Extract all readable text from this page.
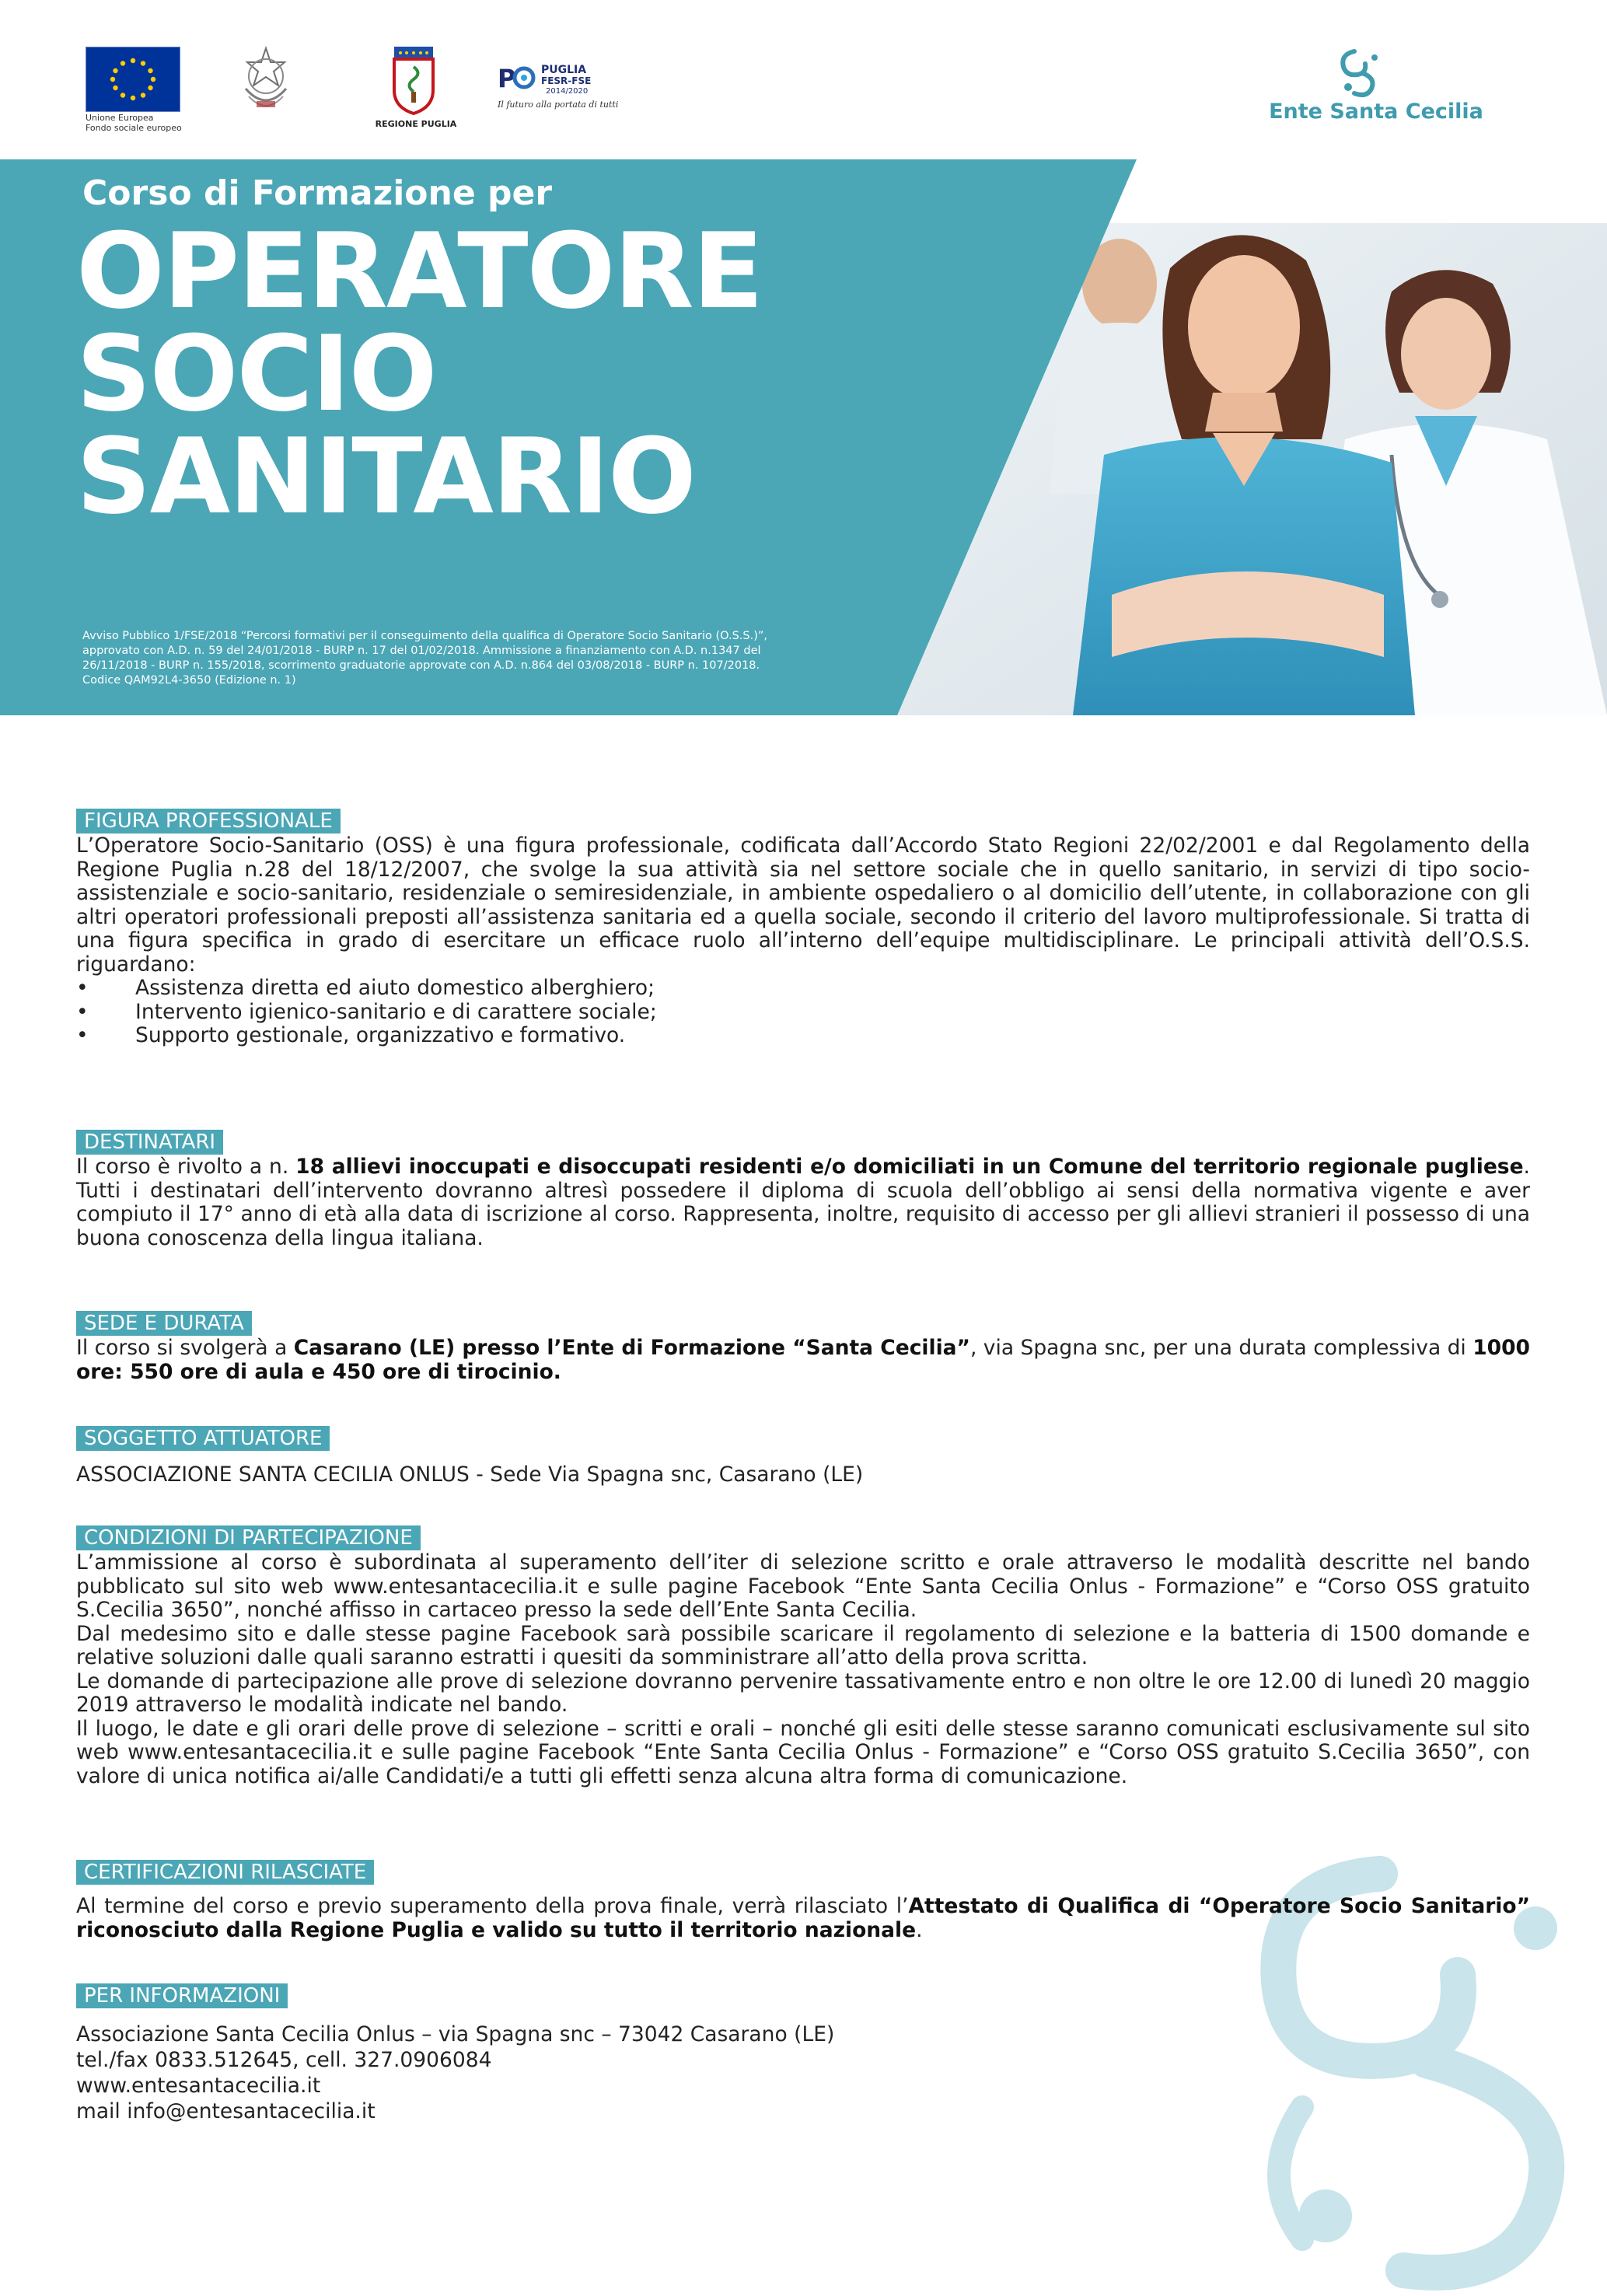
Unione Europea
Fondo sociale europeo	REGIONE PUGLIA
P PUGLIA
FESR-FSE
2014/2020
Il futuro alla portata di tutti	Ente Santa Cecilia
Corso di Formazione per
OPERATORE
SOCIO
SANITARIO
Avviso Pubblico 1/FSE/2018 “Percorsi formativi per il conseguimento della qualifica di Operatore Socio Sanitario (O.S.S.)”,
approvato con A.D. n. 59 del 24/01/2018 - BURP n. 17 del 01/02/2018. Ammissione a finanziamento con A.D. n.1347 del
26/11/2018 - BURP n. 155/2018, scorrimento graduatorie approvate con A.D. n.864 del 03/08/2018 - BURP n. 107/2018.
Codice QAM92L4-3650 (Edizione n. 1)
FIGURA PROFESSIONALE

L’Operatore Socio-Sanitario (OSS) è una figura professionale, codificata dall’Accordo Stato Regioni 22/02/2001 e dal Regolamento della Regione Puglia n.28 del 18/12/2007, che svolge la sua attività sia nel settore sociale che in quello sanitario, in servizi di tipo socio-assistenziale e socio-sanitario, residenziale o semiresidenziale, in ambiente ospedaliero o al domicilio dell’utente, in collaborazione con gli altri operatori professionali preposti all’assistenza sanitaria ed a quella sociale, secondo il criterio del lavoro multiprofessionale. Si tratta di una figura specifica in grado di esercitare un efficace ruolo all’interno dell’equipe multidisciplinare. Le principali attività dell’O.S.S. riguardano:

• Assistenza diretta ed aiuto domestico alberghiero;
• Intervento igienico-sanitario e di carattere sociale;
• Supporto gestionale, organizzativo e formativo.
DESTINATARI

Il corso è rivolto a n. 18 allievi inoccupati e disoccupati residenti e/o domiciliati in un Comune del territorio regionale pugliese. Tutti i destinatari dell’intervento dovranno altresì possedere il diploma di scuola dell’obbligo ai sensi della normativa vigente e aver compiuto il 17° anno di età alla data di iscrizione al corso. Rappresenta, inoltre, requisito di accesso per gli allievi stranieri il possesso di una buona conoscenza della lingua italiana.

SEDE E DURATA

Il corso si svolgerà a Casarano (LE) presso l’Ente di Formazione “Santa Cecilia”, via Spagna snc, per una durata complessiva di 1000 ore: 550 ore di aula e 450 ore di tirocinio.

SOGGETTO ATTUATORE

ASSOCIAZIONE SANTA CECILIA ONLUS - Sede Via Spagna snc, Casarano (LE)

CONDIZIONI DI PARTECIPAZIONE

L’ammissione al corso è subordinata al superamento dell’iter di selezione scritto e orale attraverso le modalità descritte nel bando pubblicato sul sito web www.entesantacecilia.it e sulle pagine Facebook “Ente Santa Cecilia Onlus - Formazione” e “Corso OSS gratuito S.Cecilia 3650”, nonché affisso in cartaceo presso la sede dell’Ente Santa Cecilia.

Dal medesimo sito e dalle stesse pagine Facebook sarà possibile scaricare il regolamento di selezione e la batteria di 1500 domande e relative soluzioni dalle quali saranno estratti i quesiti da somministrare all’atto della prova scritta.

Le domande di partecipazione alle prove di selezione dovranno pervenire tassativamente entro e non oltre le ore 12.00 di lunedì 20 maggio 2019 attraverso le modalità indicate nel bando.

Il luogo, le date e gli orari delle prove di selezione – scritti e orali – nonché gli esiti delle stesse saranno comunicati esclusivamente sul sito web www.entesantacecilia.it e sulle pagine Facebook “Ente Santa Cecilia Onlus - Formazione” e “Corso OSS gratuito S.Cecilia 3650”, con valore di unica notifica ai/alle Candidati/e a tutti gli effetti senza alcuna altra forma di comunicazione.

CERTIFICAZIONI RILASCIATE

Al termine del corso e previo superamento della prova finale, verrà rilasciato l’Attestato di Qualifica di “Operatore Socio Sanitario” riconosciuto dalla Regione Puglia e valido su tutto il territorio nazionale.

PER INFORMAZIONI

Associazione Santa Cecilia Onlus – via Spagna snc – 73042 Casarano (LE)

tel./fax 0833.512645, cell. 327.0906084

www.entesantacecilia.it

mail info@entesantacecilia.it
